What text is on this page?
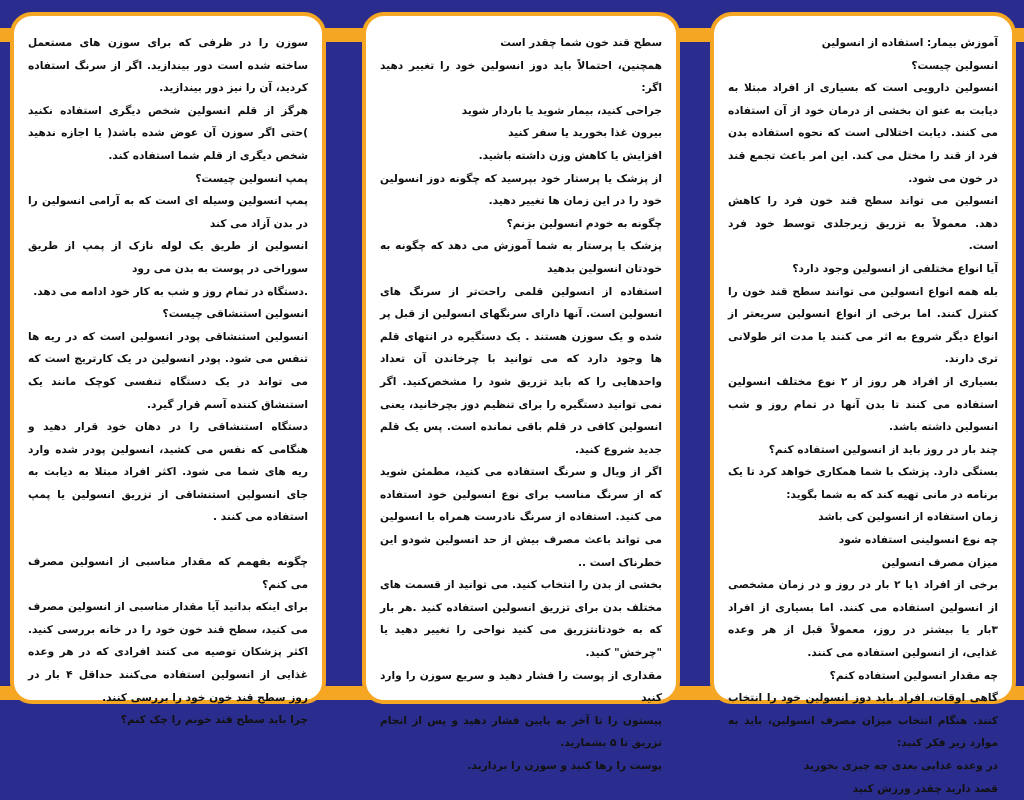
آموزش بیمار: استفاده از انسولین

انسولین چیست؟

انسولین دارویی است که بسیاری از افراد مبتلا به دیابت به عنو ان بخشی از درمان خود از آن استفاده می کنند. دیابت اختلالی است که نحوه استفاده بدن فرد از قند را مختل می کند. این امر باعث تجمع قند در خون می شود.

انسولین می تواند سطح قند خون فرد را کاهش دهد. معمولاً به تزریق زیرجلدی توسط خود فرد است.

آیا انواع مختلفی از انسولین وجود دارد؟

بله همه انواع انسولین می توانند سطح قند خون را کنترل کنند. اما برخی از انواع انسولین سریعتر از انواع دیگر شروع به اثر می کنند یا مدت اثر طولانی تری دارند.

بسیاری از افراد هر روز از ۲ نوع مختلف انسولین استفاده می کنند تا بدن آنها در تمام روز و شب انسولین داشته باشد.

چند بار در روز باید از انسولین استفاده کنم؟

بستگی دارد. پزشک با شما همکاری خواهد کرد تا یک برنامه در مانی تهیه کند که به شما بگوید:

زمان استفاده از انسولین کی باشد

چه نوع انسولینی استفاده شود

میزان مصرف انسولین

برخی از افراد ۱یا ۲ بار در روز و در زمان مشخصی از انسولین استفاده می کنند. اما بسیاری از افراد ۳بار یا بیشتر در روز، معمولاً قبل از هر وعده غذایی، از انسولین استفاده می کنند.

چه مقدار انسولین استفاده کنم؟

گاهی اوقات، افراد باید دوز انسولین خود را انتخاب کنند. هنگام انتخاب میزان مصرف انسولین، باید به موارد زیر فکر کنید:

در وعده غذایی بعدی چه چیزی بخورید

قصد دارید چقدر ورزش کنید

سطح قند خون شما چقدر است

همچنین، احتمالاً باید دوز انسولین خود را تغییر دهید اگر:

جراحی کنید، بیمار شوید یا باردار شوید

بیرون غذا بخورید یا سفر کنید

افزایش یا کاهش وزن داشته باشید.

از پزشک یا پرستار خود بپرسید که چگونه دوز انسولین خود را در این زمان ها تغییر دهید.

چگونه به خودم انسولین بزنم؟

پزشک یا پرستار به شما آموزش می دهد که چگونه به خودتان انسولین بدهید

استفاده از انسولین قلمی راحت‌تر از سرنگ های انسولین است. آنها دارای سرنگهای انسولین از قبل پر شده و یک سوزن هستند . یک دستگیره در انتهای قلم ها وجود دارد که می توانید با چرخاندن آن تعداد واحدهایی را که باید تزریق شود را مشخص‌کنید. اگر نمی توانید دستگیره را برای تنظیم دوز بچرخانید، یعنی انسولین کافی در قلم باقی نمانده است. پس یک قلم جدید شروع کنید.

اگر از ویال و سرنگ استفاده می کنید، مطمئن شوید که از سرنگ مناسب برای نوع انسولین خود استفاده می کنید. استفاده از سرنگ نادرست همراه با انسولین می تواند باعث مصرف بیش از حد انسولین شودو این خطرناک است ..

بخشی از بدن را انتخاب کنید. می توانید از قسمت های مختلف بدن برای تزریق انسولین استفاده کنید .هر بار که به خودتانتزریق می کنید نواحی را تغییر دهید یا "چرخش" کنید.

مقداری از پوست را فشار دهید و سریع سوزن را وارد کنید

پیستون را تا آخر به پایین فشار دهید و پس از انجام تزریق تا ۵ بشمارید.

پوست را رها کنید و سوزن را بردارید.

سوزن را در ظرفی که برای سوزن های مستعمل ساخته شده است دور بیندازید. اگر از سرنگ استفاده کردید، آن را نیز دور بیندازید.

هرگز از قلم انسولین شخص دیگری استفاده نکنید )حتی اگر سوزن آن عوض شده باشد( یا اجازه ندهید شخص دیگری از قلم شما استفاده کند.

پمپ انسولین چیست؟

پمپ انسولین وسیله ای است که به آرامی انسولین را در بدن آزاد می کند

انسولین از طریق یک لوله نازک از پمپ از طریق سوراخی در پوست به بدن می رود

.دستگاه در تمام روز و شب به کار خود ادامه می دهد.

انسولین استنشاقی چیست؟

انسولین استنشاقی پودر انسولین است که در ریه ها تنفس می شود. پودر انسولین در یک کارتریج است که می تواند در یک دستگاه تنفسی کوچک مانند یک استنشاق کننده آسم قرار گیرد.

دستگاه استنشاقی را در دهان خود قرار دهید و هنگامی که نفس می کشید، انسولین پودر شده وارد ریه های شما می شود. اکثر افراد مبتلا به دیابت به جای انسولین استنشاقی از تزریق انسولین یا پمپ استفاده می کنند .

چگونه بفهمم که مقدار مناسبی از انسولین مصرف می کنم؟

برای اینکه بدانید آیا مقدار مناسبی از انسولین مصرف می کنید، سطح قند خون خود را در خانه بررسی کنید. اکثر پزشکان توصیه می کنند افرادی که در هر وعده غذایی از انسولین استفاده می‌کنند حداقل ۴ بار در روز سطح قند خون خود را بررسی کنند.

چرا باید سطح قند خونم را چک کنم؟
